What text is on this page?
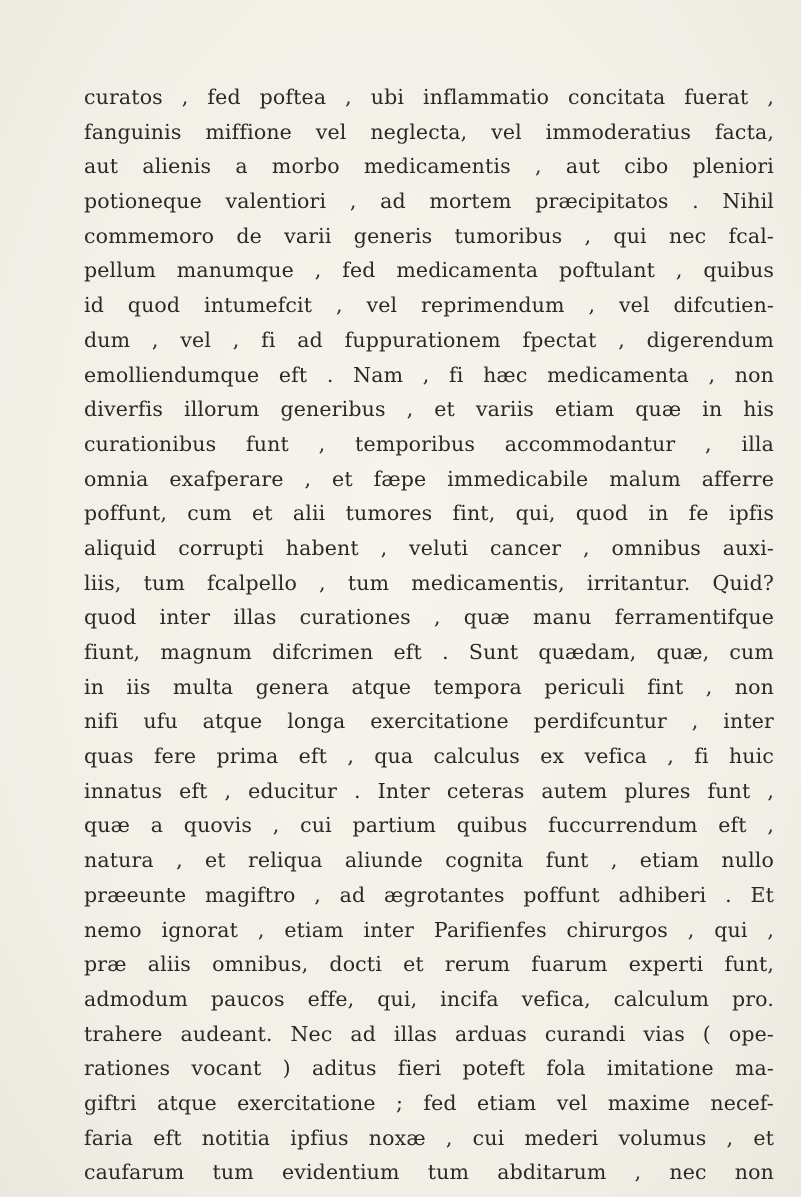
curatos , fed poftea , ubi inflammatio concitata fuerat ,
fanguinis miffione vel neglecta, vel immoderatius facta,
aut alienis a morbo medicamentis , aut cibo pleniori
potioneque valentiori , ad mortem præcipitatos . Nihil
commemoro de varii generis tumoribus , qui nec fcal-
pellum manumque , fed medicamenta poftulant , quibus
id quod intumefcit , vel reprimendum , vel difcutien-
dum , vel , fi ad fuppurationem fpectat , digerendum
emolliendumque eft . Nam , fi hæc medicamenta , non
diverfis illorum generibus , et variis etiam quæ in his
curationibus funt , temporibus accommodantur , illa
omnia exafperare , et fæpe immedicabile malum afferre
poffunt, cum et alii tumores fint, qui, quod in fe ipfis
aliquid corrupti habent , veluti cancer , omnibus auxi-
liis, tum fcalpello , tum medicamentis, irritantur. Quid?
quod inter illas curationes , quæ manu ferramentifque
fiunt, magnum difcrimen eft . Sunt quædam, quæ, cum
in iis multa genera atque tempora periculi fint , non
nifi ufu atque longa exercitatione perdifcuntur , inter
quas fere prima eft , qua calculus ex vefica , fi huic
innatus eft , educitur . Inter ceteras autem plures funt ,
quæ a quovis , cui partium quibus fuccurrendum eft ,
natura , et reliqua aliunde cognita funt , etiam nullo
præeunte magiftro , ad ægrotantes poffunt adhiberi . Et
nemo ignorat , etiam inter Parifienfes chirurgos , qui ,
præ aliis omnibus, docti et rerum fuarum experti funt,
admodum paucos effe, qui, incifa vefica, calculum pro.
trahere audeant. Nec ad illas arduas curandi vias ( ope-
rationes vocant ) aditus fieri poteft fola imitatione ma-
giftri atque exercitatione ; fed etiam vel maxime necef-
faria eft notitia ipfius noxæ , cui mederi volumus , et
caufarum tum evidentium tum abditarum , nec non
